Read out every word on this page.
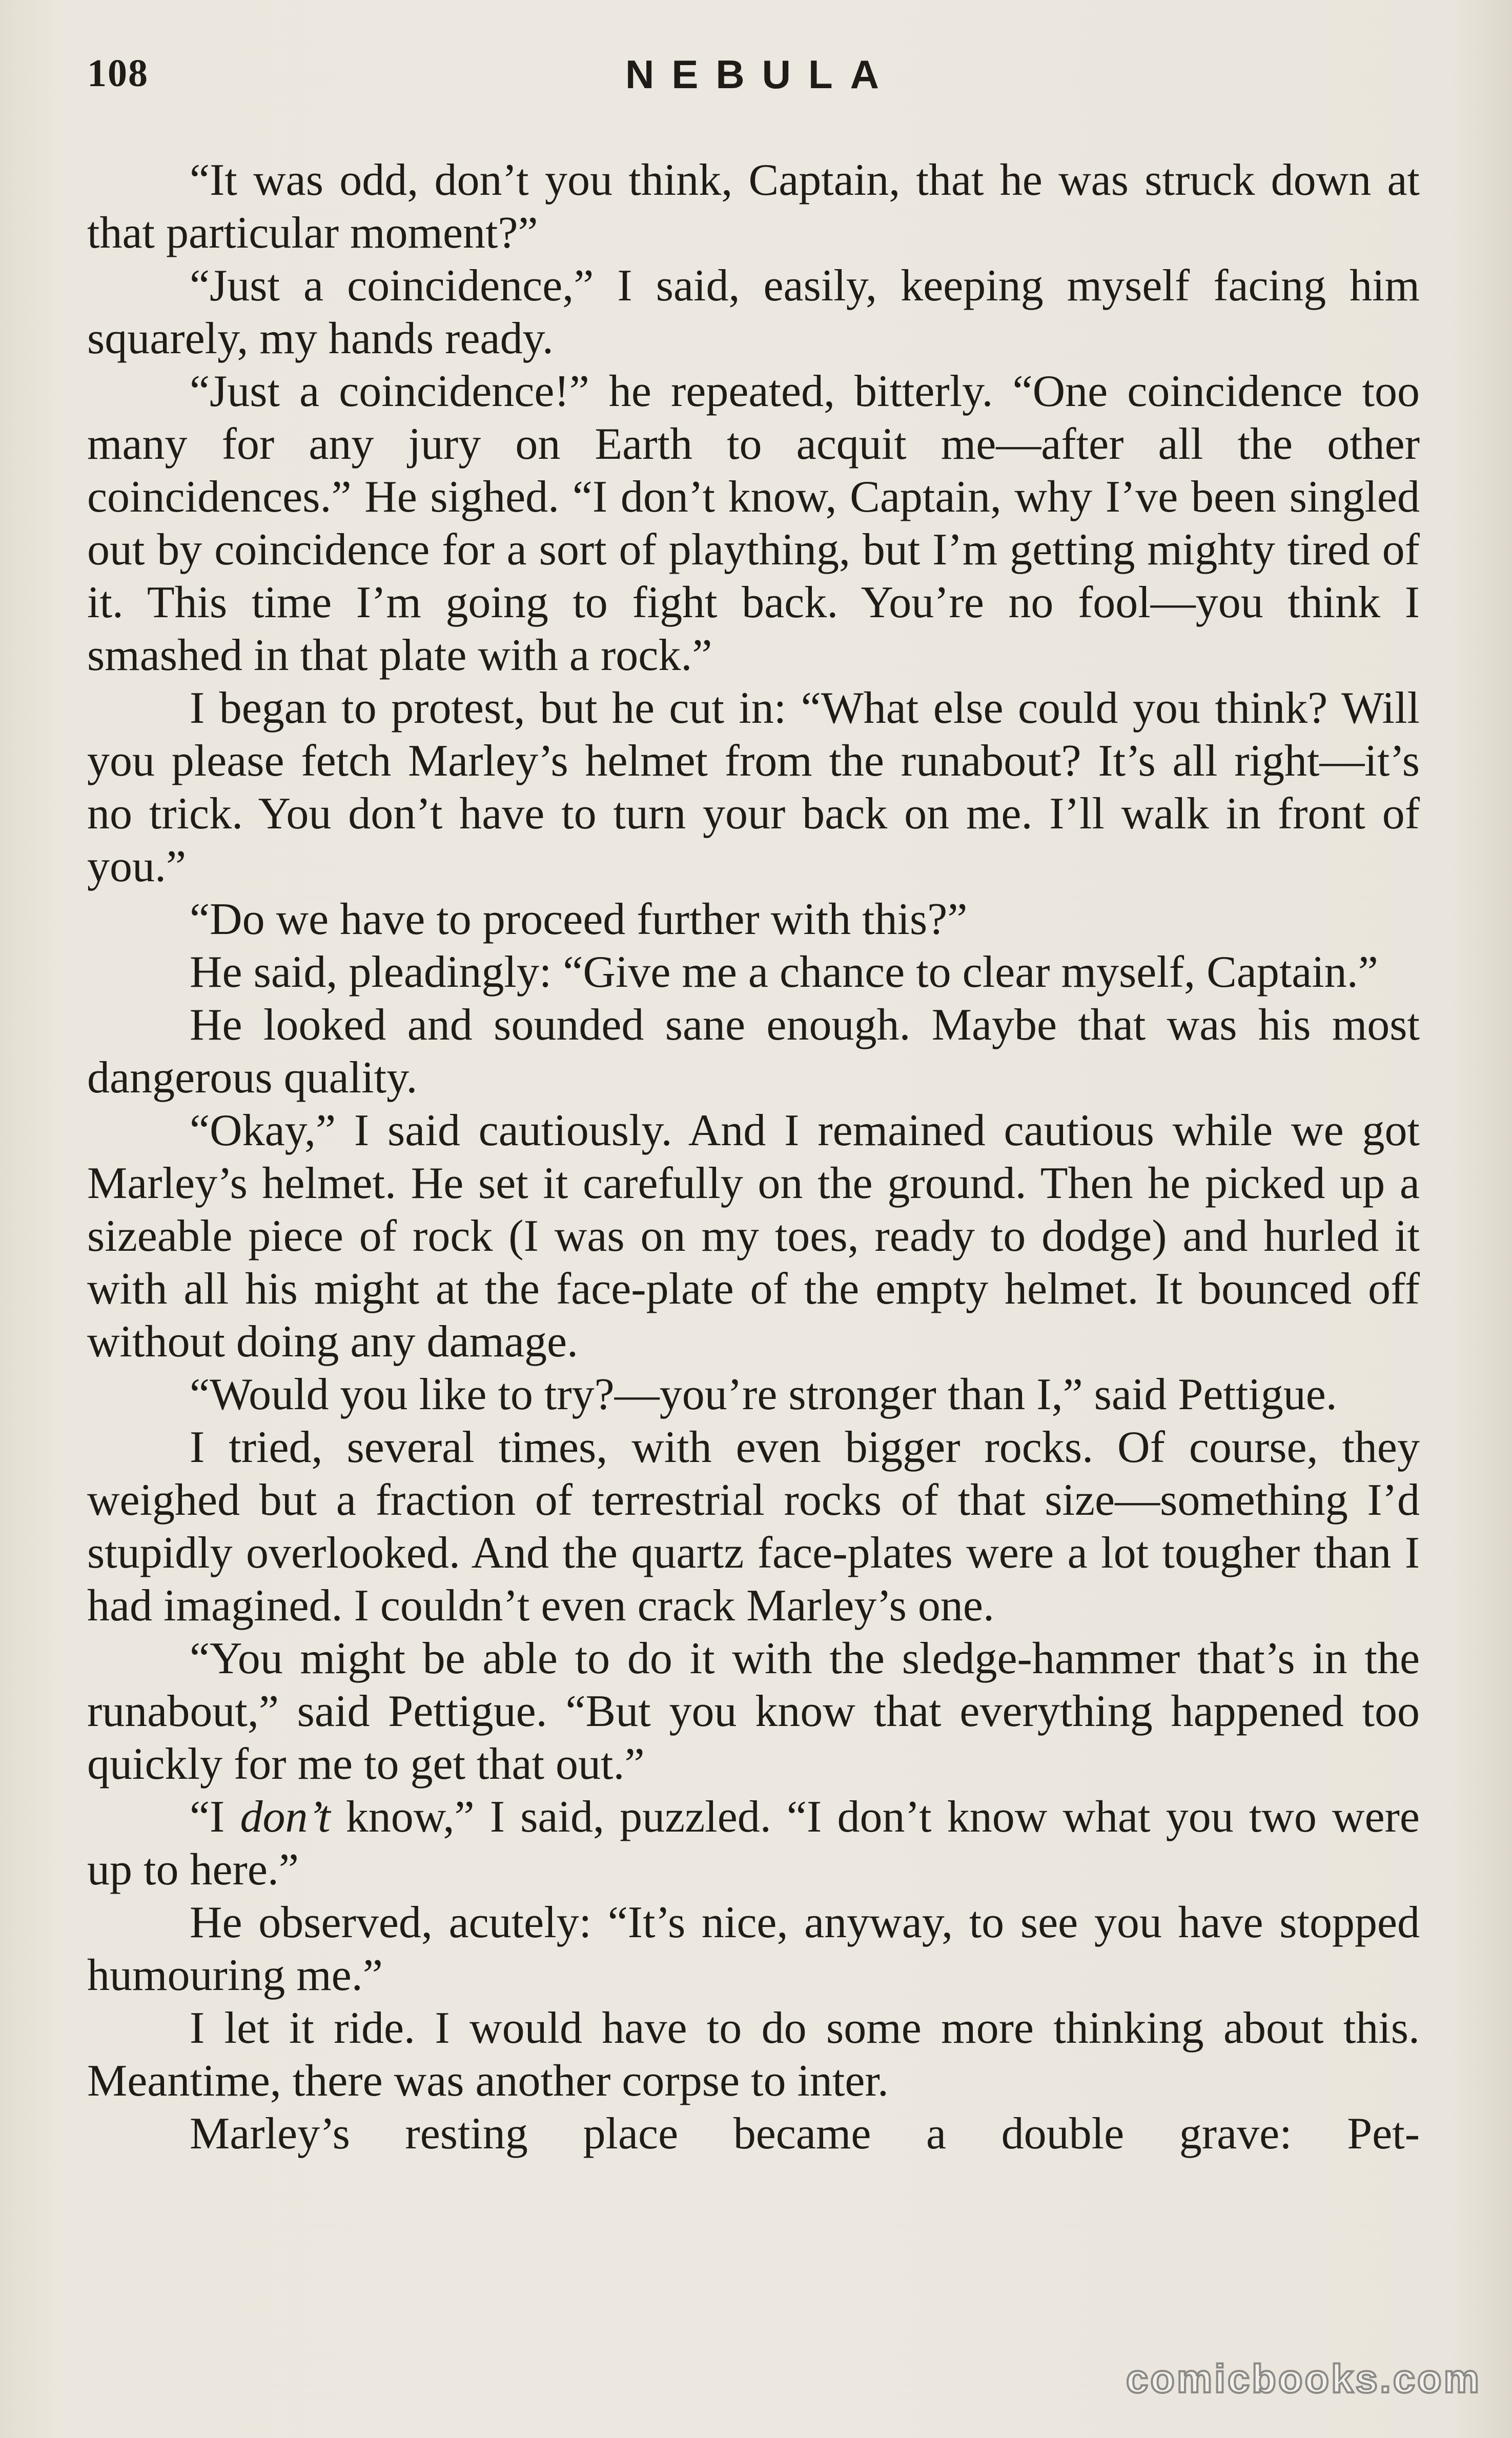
108	NEBULA

“It was odd, don’t you think, Captain, that he was struck down at that particular moment?”

“Just a coincidence,” I said, easily, keeping myself facing him squarely, my hands ready.

“Just a coincidence!” he repeated, bitterly. “One coincidence too many for any jury on Earth to acquit me—after all the other coincidences.” He sighed. “I don’t know, Captain, why I’ve been singled out by coincidence for a sort of plaything, but I’m getting mighty tired of it. This time I’m going to fight back. You’re no fool—you think I smashed in that plate with a rock.”

I began to protest, but he cut in: “What else could you think? Will you please fetch Marley’s helmet from the runabout? It’s all right—it’s no trick. You don’t have to turn your back on me. I’ll walk in front of you.”

“Do we have to proceed further with this?”

He said, pleadingly: “Give me a chance to clear myself, Captain.”

He looked and sounded sane enough. Maybe that was his most dangerous quality.

“Okay,” I said cautiously. And I remained cautious while we got Marley’s helmet. He set it carefully on the ground. Then he picked up a sizeable piece of rock (I was on my toes, ready to dodge) and hurled it with all his might at the face-plate of the empty helmet. It bounced off without doing any damage.

“Would you like to try?—you’re stronger than I,” said Pettigue.

I tried, several times, with even bigger rocks. Of course, they weighed but a fraction of terrestrial rocks of that size—something I’d stupidly overlooked. And the quartz face-plates were a lot tougher than I had imagined. I couldn’t even crack Marley’s one.

“You might be able to do it with the sledge-hammer that’s in the runabout,” said Pettigue. “But you know that everything happened too quickly for me to get that out.”

“I don’t know,” I said, puzzled. “I don’t know what you two were up to here.”

He observed, acutely: “It’s nice, anyway, to see you have stopped humouring me.”

I let it ride. I would have to do some more thinking about this. Meantime, there was another corpse to inter.

Marley’s resting place became a double grave: Pet-

comicbooks.com
